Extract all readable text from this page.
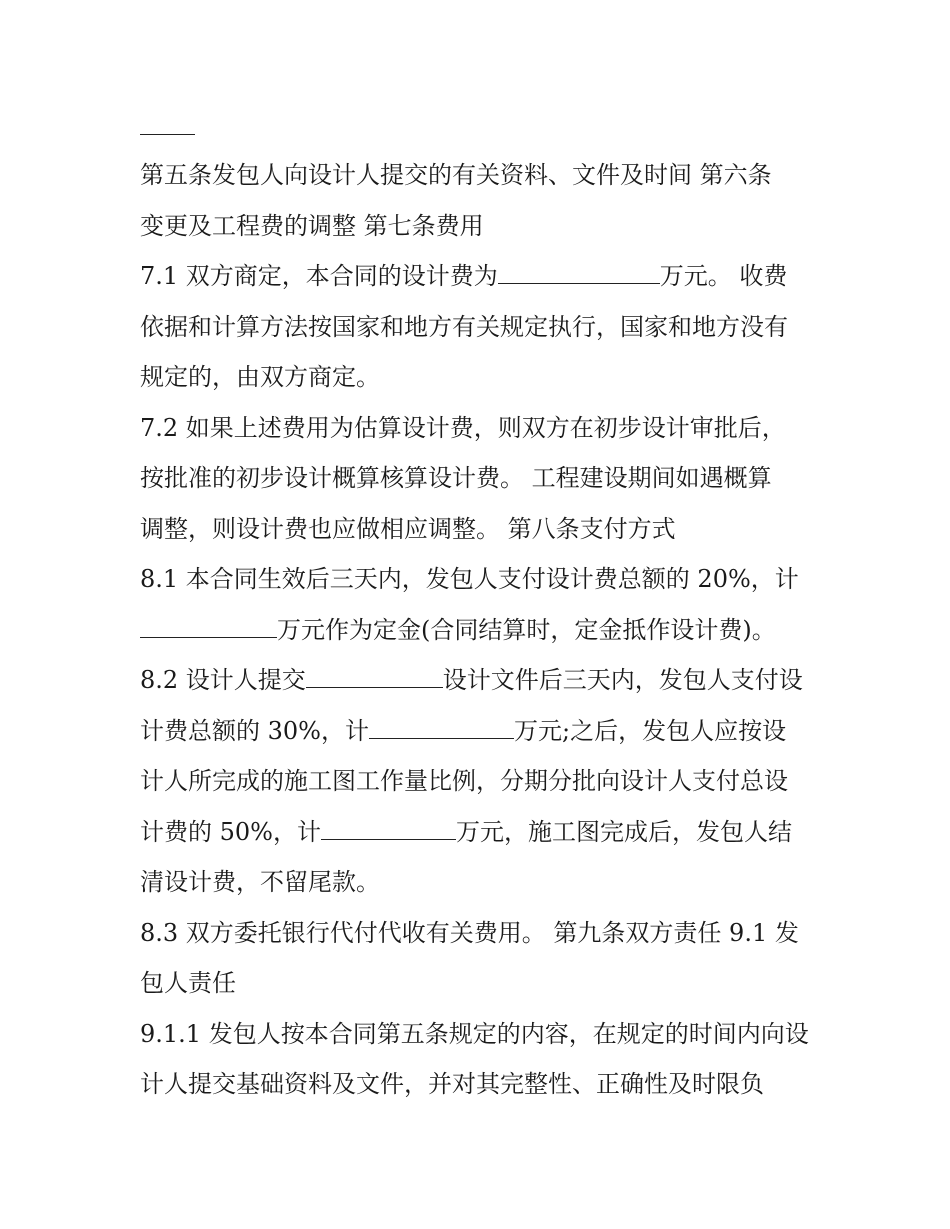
第五条发包人向设计人提交的有关资料、文件及时间 第六条
变更及工程费的调整 第七条费用
7.1 双方商定，本合同的设计费为	万元。 收费
依据和计算方法按国家和地方有关规定执行，国家和地方没有
规定的，由双方商定。
7.2 如果上述费用为估算设计费，则双方在初步设计审批后，
按批准的初步设计概算核算设计费。 工程建设期间如遇概算
调整，则设计费也应做相应调整。 第八条支付方式
8.1 本合同生效后三天内，发包人支付设计费总额的 20%，计
万元作为定金(合同结算时，定金抵作设计费)。
8.2 设计人提交	设计文件后三天内，发包人支付设
计费总额的 30%，计	万元;之后，发包人应按设
计人所完成的施工图工作量比例，分期分批向设计人支付总设
计费的 50%，计	万元，施工图完成后，发包人结
清设计费，不留尾款。
8.3 双方委托银行代付代收有关费用。 第九条双方责任 9.1 发
包人责任
9.1.1 发包人按本合同第五条规定的内容，在规定的时间内向设
计人提交基础资料及文件，并对其完整性、正确性及时限负
